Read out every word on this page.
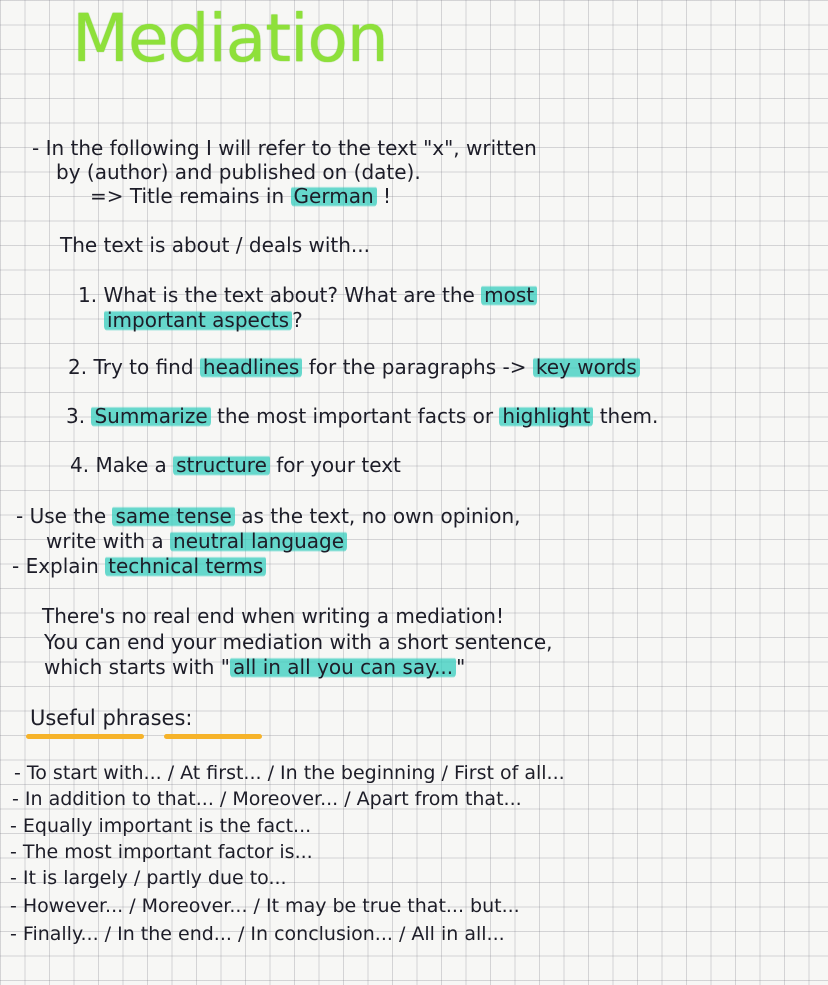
Mediation
- In the following I will refer to the text "x", written
by (author) and published on (date).
=> Title remains in German !
The text is about / deals with...
1. What is the text about? What are the most
important aspects ?
2. Try to find headlines for the paragraphs -> key words
3. Summarize the most important facts or highlight them.
4. Make a structure for your text
- Use the same tense as the text, no own opinion,
write with a neutral language
- Explain technical terms
There's no real end when writing a mediation!
You can end your mediation with a short sentence,
which starts with " all in all you can say... "
Useful phrases:
- To start with... / At first... / In the beginning / First of all...
- In addition to that... / Moreover... / Apart from that...
- Equally important is the fact...
- The most important factor is...
- It is largely / partly due to...
- However... / Moreover... / It may be true that... but...
- Finally... / In the end... / In conclusion... / All in all...
